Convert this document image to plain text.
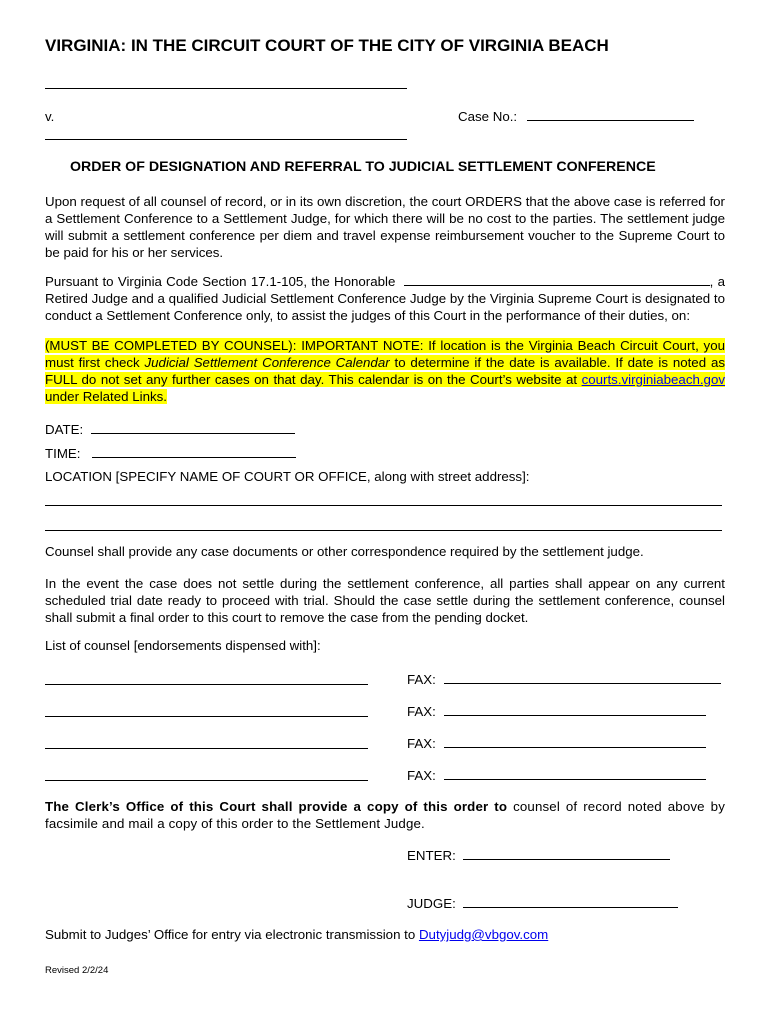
VIRGINIA: IN THE CIRCUIT COURT OF THE CITY OF VIRGINIA BEACH
v.	Case No.:
ORDER OF DESIGNATION AND REFERRAL TO JUDICIAL SETTLEMENT CONFERENCE
Upon request of all counsel of record, or in its own discretion, the court ORDERS that the above case is referred for a Settlement Conference to a Settlement Judge, for which there will be no cost to the parties. The settlement judge will submit a settlement conference per diem and travel expense reimbursement voucher to the Supreme Court to be paid for his or her services.
Pursuant to Virginia Code Section 17.1-105, the Honorable	, a Retired Judge and a qualified Judicial Settlement Conference Judge by the Virginia Supreme Court is designated to conduct a Settlement Conference only, to assist the judges of this Court in the performance of their duties, on:
(MUST BE COMPLETED BY COUNSEL): IMPORTANT NOTE: If location is the Virginia Beach Circuit Court, you must first check Judicial Settlement Conference Calendar to determine if the date is available. If date is noted as FULL do not set any further cases on that day. This calendar is on the Court’s website at courts.virginiabeach.gov under Related Links.
DATE:
TIME:
LOCATION [SPECIFY NAME OF COURT OR OFFICE, along with street address]:
Counsel shall provide any case documents or other correspondence required by the settlement judge.
In the event the case does not settle during the settlement conference, all parties shall appear on any current scheduled trial date ready to proceed with trial. Should the case settle during the settlement conference, counsel shall submit a final order to this court to remove the case from the pending docket.
List of counsel [endorsements dispensed with]:
FAX:
FAX:
FAX:
FAX:
The Clerk’s Office of this Court shall provide a copy of this order to counsel of record noted above by facsimile and mail a copy of this order to the Settlement Judge.
ENTER:
JUDGE:
Submit to Judges’ Office for entry via electronic transmission to Dutyjudg@vbgov.com
Revised 2/2/24
